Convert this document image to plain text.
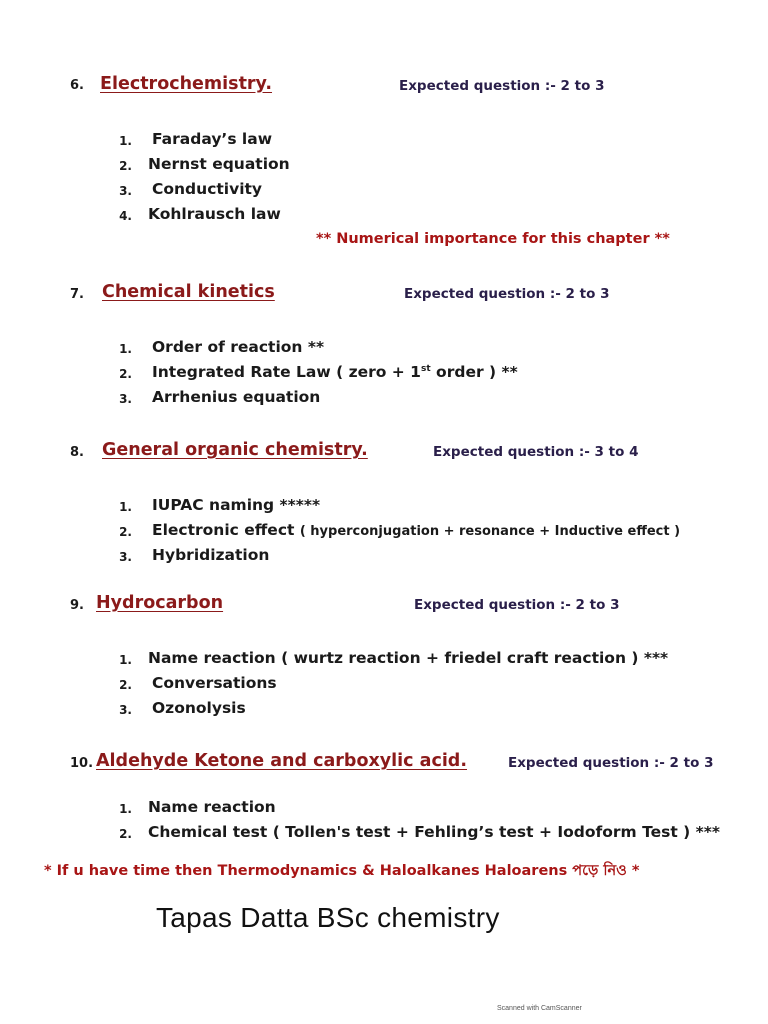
6. Electrochemistry.	Expected question :- 2 to 3
1. Faraday’s law
2. Nernst equation
3. Conductivity
4. Kohlrausch law
** Numerical importance for this chapter **
7. Chemical kinetics	Expected question :- 2 to 3
1. Order of reaction **
2. Integrated Rate Law ( zero + 1st order ) **
3. Arrhenius equation
8. General organic chemistry.	Expected question :- 3 to 4
1. IUPAC naming *****
2. Electronic effect ( hyperconjugation + resonance + Inductive effect )
3. Hybridization
9. Hydrocarbon	Expected question :- 2 to 3
1. Name reaction ( wurtz reaction + friedel craft reaction ) ***
2. Conversations
3. Ozonolysis
10. Aldehyde Ketone and carboxylic acid.	Expected question :- 2 to 3
1. Name reaction
2. Chemical test ( Tollen's test + Fehling’s test + Iodoform Test ) ***
* If u have time then Thermodynamics & Haloalkanes Haloarens পড়ে নিও *
Tapas Datta BSc chemistry
Scanned with CamScanner
